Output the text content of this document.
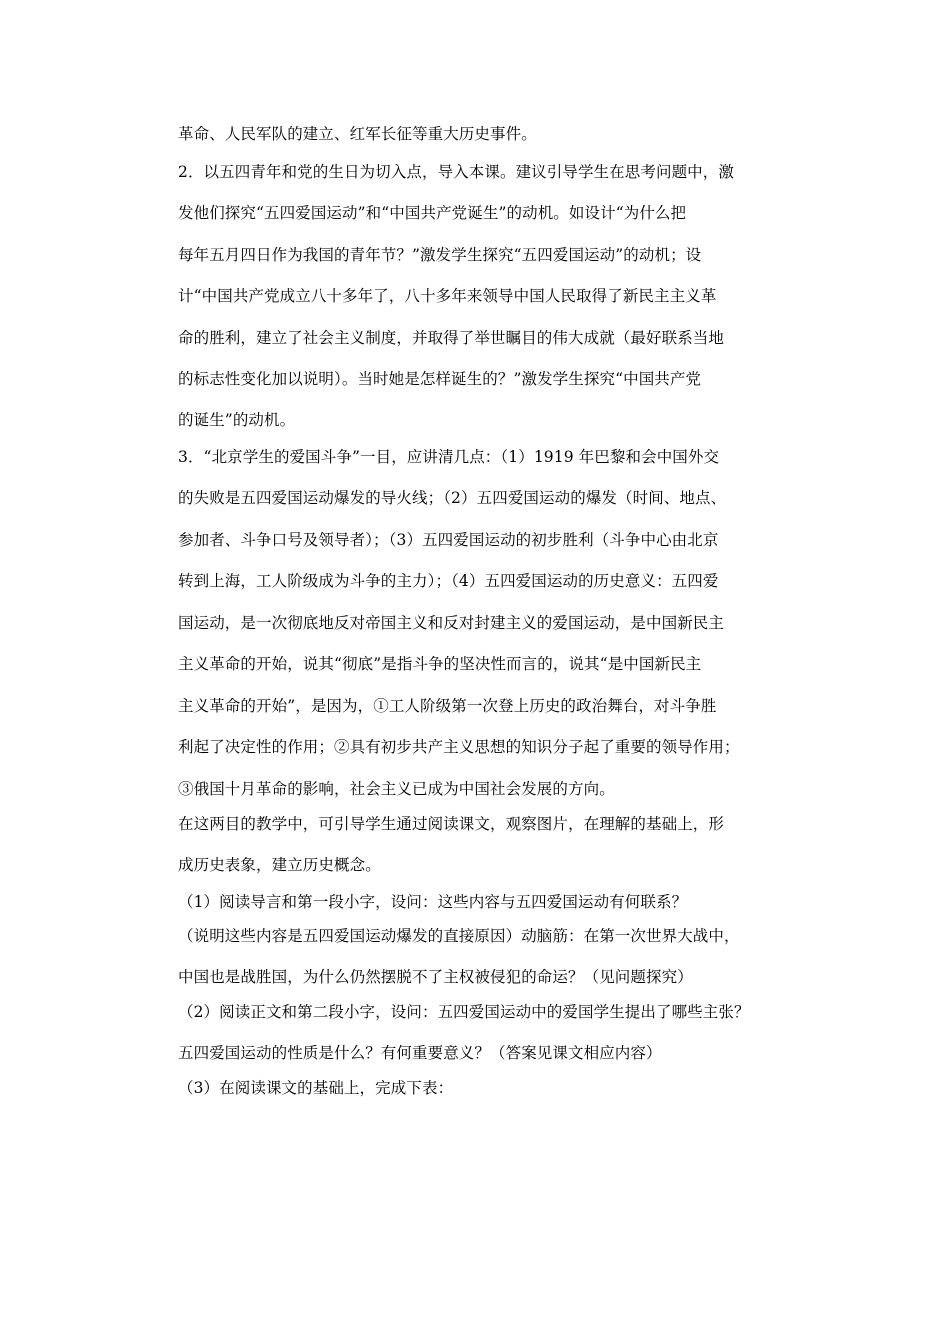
革命、人民军队的建立、红军长征等重大历史事件。
2．以五四青年和党的生日为切入点，导入本课。建议引导学生在思考问题中，激
发他们探究“五四爱国运动”和“中国共产党诞生”的动机。如设计“为什么把
每年五月四日作为我国的青年节？”激发学生探究“五四爱国运动”的动机；设
计“中国共产党成立八十多年了，八十多年来领导中国人民取得了新民主主义革
命的胜利，建立了社会主义制度，并取得了举世瞩目的伟大成就（最好联系当地
的标志性变化加以说明）。当时她是怎样诞生的？”激发学生探究“中国共产党
的诞生”的动机。
3．“北京学生的爱国斗争”一目，应讲清几点：（1）1919 年巴黎和会中国外交
的失败是五四爱国运动爆发的导火线；（2）五四爱国运动的爆发（时间、地点、
参加者、斗争口号及领导者）；（3）五四爱国运动的初步胜利（斗争中心由北京
转到上海，工人阶级成为斗争的主力）；（4）五四爱国运动的历史意义：五四爱
国运动，是一次彻底地反对帝国主义和反对封建主义的爱国运动，是中国新民主
主义革命的开始，说其“彻底”是指斗争的坚决性而言的，说其“是中国新民主
主义革命的开始”，是因为，①工人阶级第一次登上历史的政治舞台，对斗争胜
利起了决定性的作用；②具有初步共产主义思想的知识分子起了重要的领导作用；
③俄国十月革命的影响，社会主义已成为中国社会发展的方向。
在这两目的教学中，可引导学生通过阅读课文，观察图片，在理解的基础上，形
成历史表象，建立历史概念。
（1）阅读导言和第一段小字，设问：这些内容与五四爱国运动有何联系？
（说明这些内容是五四爱国运动爆发的直接原因）动脑筋：在第一次世界大战中，
中国也是战胜国，为什么仍然摆脱不了主权被侵犯的命运？（见问题探究）
（2）阅读正文和第二段小字，设问：五四爱国运动中的爱国学生提出了哪些主张？
五四爱国运动的性质是什么？有何重要意义？（答案见课文相应内容）
（3）在阅读课文的基础上，完成下表：
